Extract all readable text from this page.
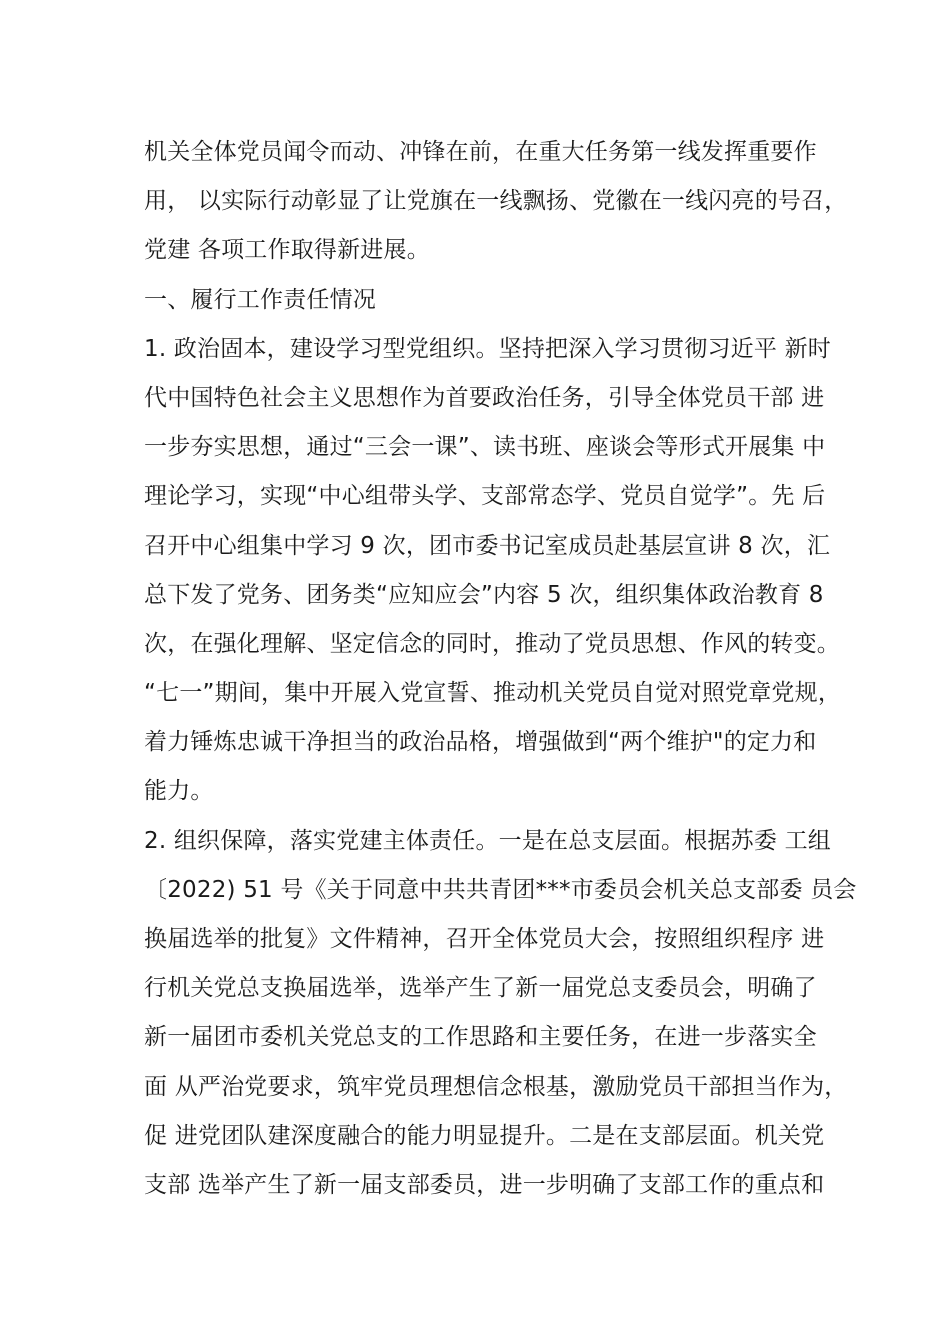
机关全体党员闻令而动、冲锋在前，在重大任务第一线发挥重要作
用， 以实际行动彰显了让党旗在一线飘扬、党徽在一线闪亮的号召，
党建 各项工作取得新进展。
一、履行工作责任情况
1. 政治固本，建设学习型党组织。坚持把深入学习贯彻习近平 新时
代中国特色社会主义思想作为首要政治任务，引导全体党员干部 进
一步夯实思想，通过“三会一课”、读书班、座谈会等形式开展集 中
理论学习，实现“中心组带头学、支部常态学、党员自觉学”。先 后
召开中心组集中学习 9 次，团市委书记室成员赴基层宣讲 8 次，汇
总下发了党务、团务类“应知应会”内容 5 次，组织集体政治教育 8
次，在强化理解、坚定信念的同时，推动了党员思想、作风的转变。
“七一”期间，集中开展入党宣誓、推动机关党员自觉对照党章党规，
着力锤炼忠诚干净担当的政治品格，增强做到“两个维护"的定力和
能力。
2. 组织保障，落实党建主体责任。一是在总支层面。根据苏委 工组
〔2022) 51 号《关于同意中共共青团***市委员会机关总支部委 员会
换届选举的批复》文件精神，召开全体党员大会，按照组织程序 进
行机关党总支换届选举，选举产生了新一届党总支委员会，明确了
新一届团市委机关党总支的工作思路和主要任务，在进一步落实全
面 从严治党要求，筑牢党员理想信念根基，激励党员干部担当作为，
促 进党团队建深度融合的能力明显提升。二是在支部层面。机关党
支部 选举产生了新一届支部委员，进一步明确了支部工作的重点和
